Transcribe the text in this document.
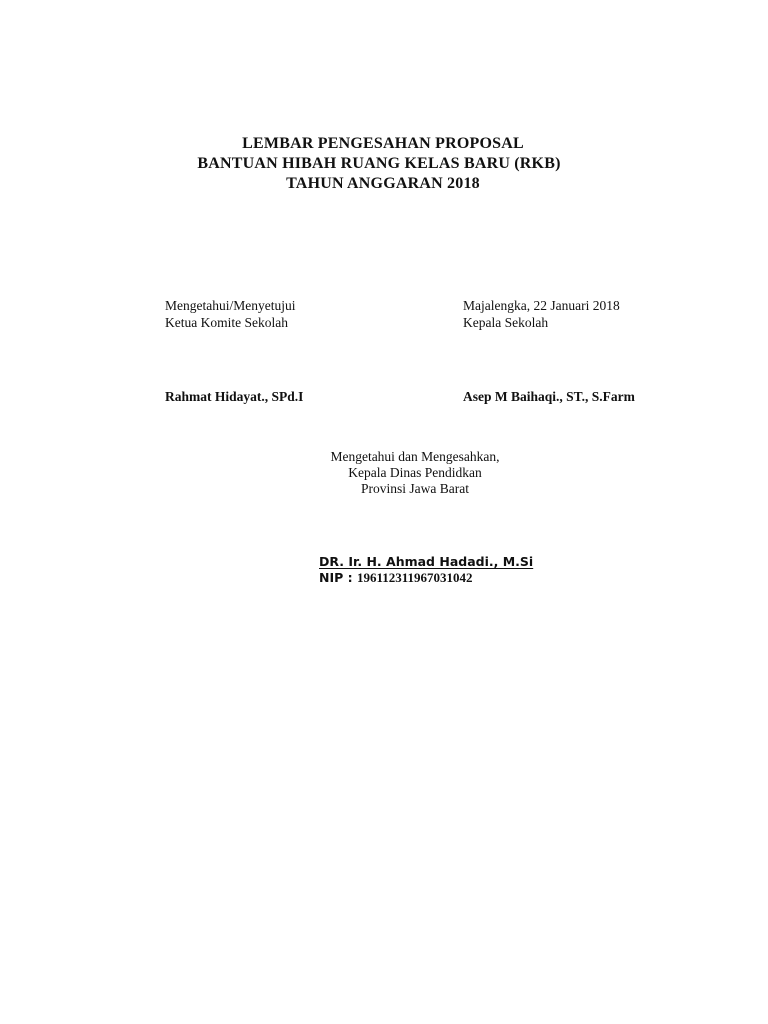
LEMBAR PENGESAHAN PROPOSAL
BANTUAN HIBAH RUANG KELAS BARU (RKB)
TAHUN ANGGARAN 2018
Mengetahui/Menyetujui
Ketua Komite Sekolah
Majalengka, 22 Januari 2018
Kepala Sekolah
Rahmat Hidayat., SPd.I	Asep M Baihaqi., ST., S.Farm
Mengetahui dan Mengesahkan,
Kepala Dinas Pendidkan
Provinsi Jawa Barat
DR. Ir. H. Ahmad Hadadi., M.Si
NIP : 196112311967031042
